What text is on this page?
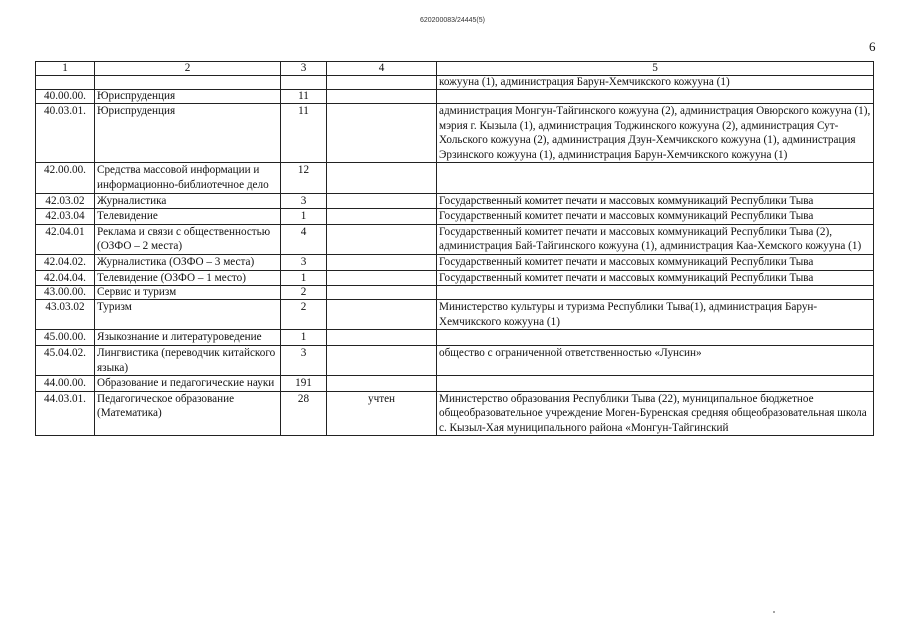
620200083/24445(5)
6
1	2	3	4	5
				кожууна (1), администрация Барун-Хемчикского кожууна (1)
40.00.00.	Юриспруденция	11		
40.03.01.	Юриспруденция	11		администрация Монгун-Тайгинского кожууна (2), администрация Овюрского кожууна (1), мэрия г. Кызыла (1), администрация Тоджинского кожууна (2), администрация Сут-Хольского кожууна (2), администрация Дзун-Хемчикского кожууна (1), администрация Эрзинского кожууна (1), администрация Барун-Хемчикского кожууна (1)
42.00.00.	Средства массовой информации и информационно-библиотечное дело	12		
42.03.02	Журналистика	3		Государственный комитет печати и массовых коммуникаций Республики Тыва
42.03.04	Телевидение	1		Государственный комитет печати и массовых коммуникаций Республики Тыва
42.04.01	Реклама и связи с общественностью (ОЗФО – 2 места)	4		Государственный комитет печати и массовых коммуникаций Республики Тыва (2), администрация Бай-Тайгинского кожууна (1), администрация Каа-Хемского кожууна (1)
42.04.02.	Журналистика (ОЗФО – 3 места)	3		Государственный комитет печати и массовых коммуникаций Республики Тыва
42.04.04.	Телевидение (ОЗФО – 1 место)	1		Государственный комитет печати и массовых коммуникаций Республики Тыва
43.00.00.	Сервис и туризм	2		
43.03.02	Туризм	2		Министерство культуры и туризма Республики Тыва(1), администрация Барун-Хемчикского кожууна (1)
45.00.00.	Языкознание и литературоведение	1		
45.04.02.	Лингвистика (переводчик китайского языка)	3		общество с ограниченной ответственностью «Лунсин»
44.00.00.	Образование и педагогические науки	191		
44.03.01.	Педагогическое образование (Математика)	28	учтен	Министерство образования Республики Тыва (22), муниципальное бюджетное общеобразовательное учреждение Моген-Буренская средняя общеобразовательная школа с. Кызыл-Хая муниципального района «Монгун-Тайгинский
